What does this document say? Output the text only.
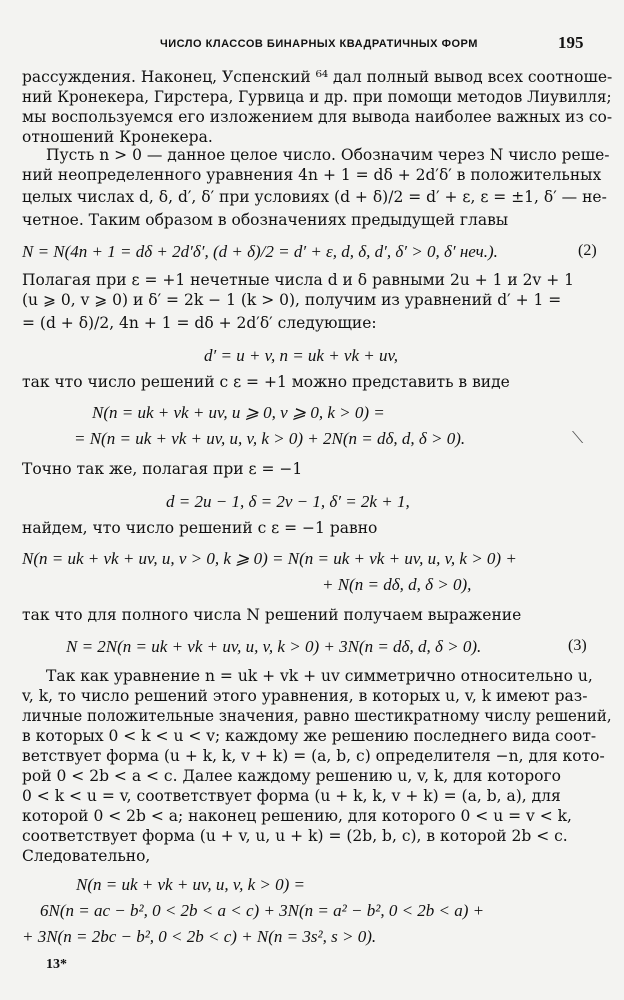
ЧИСЛО КЛАССОВ БИНАРНЫХ КВАДРАТИЧНЫХ ФОРМ	195
рассуждения. Наконец, Успенский ⁶⁴ дал полный вывод всех соотноше-
ний Кронекера, Гирстера, Гурвица и др. при помощи методов Лиувилля;
мы воспользуемся его изложением для вывода наиболее важных из со-
отношений Кронекера.
Пусть n > 0 — данное целое число. Обозначим через N число реше-
ний неопределенного уравнения 4n + 1 = dδ + 2d′δ′ в положительных
целых числах d, δ, d′, δ′ при условиях (d + δ)/2 = d′ + ε, ε = ±1, δ′ — не-
четное. Таким образом в обозначениях предыдущей главы
N = N(4n + 1 = dδ + 2d′δ′, (d + δ)/2 = d′ + ε, d, δ, d′, δ′ > 0, δ′ неч.).	(2)
Полагая при ε = +1 нечетные числа d и δ равными 2u + 1 и 2v + 1
(u ⩾ 0, v ⩾ 0) и δ′ = 2k − 1 (k > 0), получим из уравнений d′ + 1 =
= (d + δ)/2, 4n + 1 = dδ + 2d′δ′ следующие:
d′ = u + v, n = uk + vk + uv,
так что число решений с ε = +1 можно представить в виде
N(n = uk + vk + uv, u ⩾ 0, v ⩾ 0, k > 0) =
= N(n = uk + vk + uv, u, v, k > 0) + 2N(n = dδ, d, δ > 0).	⟍
Точно так же, полагая при ε = −1
d = 2u − 1, δ = 2v − 1, δ′ = 2k + 1,
найдем, что число решений с ε = −1 равно
N(n = uk + vk + uv, u, v > 0, k ⩾ 0) = N(n = uk + vk + uv, u, v, k > 0) +
+ N(n = dδ, d, δ > 0),
так что для полного числа N решений получаем выражение
N = 2N(n = uk + vk + uv, u, v, k > 0) + 3N(n = dδ, d, δ > 0).	(3)
Так как уравнение n = uk + vk + uv симметрично относительно u,
v, k, то число решений этого уравнения, в которых u, v, k имеют раз-
личные положительные значения, равно шестикратному числу решений,
в которых 0 < k < u < v; каждому же решению последнего вида соот-
ветствует форма (u + k, k, v + k) = (a, b, c) определителя −n, для кото-
рой 0 < 2b < a < c. Далее каждому решению u, v, k, для которого
0 < k < u = v, соответствует форма (u + k, k, v + k) = (a, b, a), для
которой 0 < 2b < a; наконец решению, для которого 0 < u = v < k,
соответствует форма (u + v, u, u + k) = (2b, b, c), в которой 2b < c.
Следовательно,
N(n = uk + vk + uv, u, v, k > 0) =
6N(n = ac − b², 0 < 2b < a < c) + 3N(n = a² − b², 0 < 2b < a) +
+ 3N(n = 2bc − b², 0 < 2b < c) + N(n = 3s², s > 0).
13*
